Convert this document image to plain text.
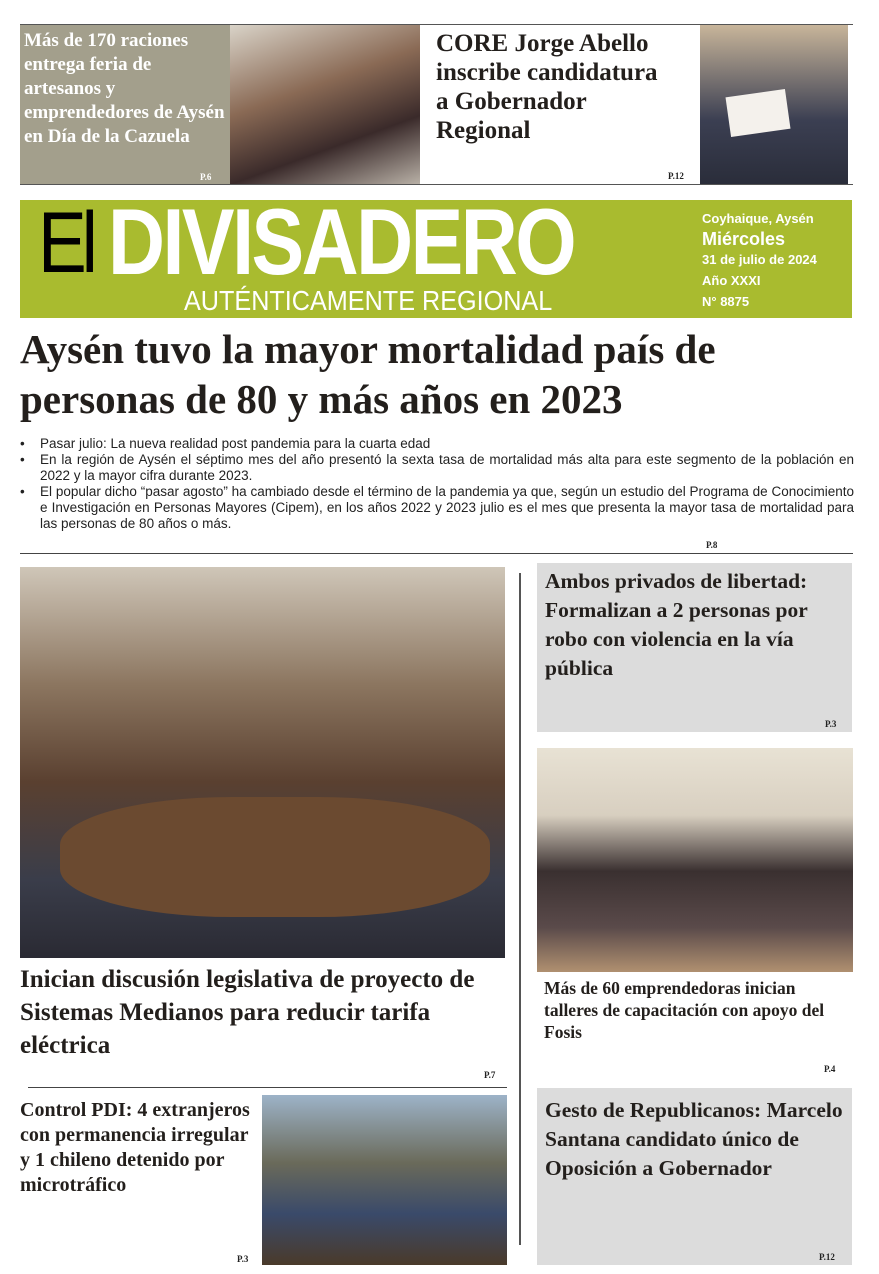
Más de 170 raciones entrega feria de artesanos y emprendedores de Aysén en Día de la Cazuela
P.6
CORE Jorge Abello inscribe candidatura a Gobernador Regional
P.12
El DIVISADERO
AUTÉNTICAMENTE REGIONAL
Coyhaique, Aysén
Miércoles
31 de julio de 2024
Año XXXI
N° 8875
Aysén tuvo la mayor mortalidad país de personas de 80 y más años en 2023
• Pasar julio: La nueva realidad post pandemia para la cuarta edad
• En la región de Aysén el séptimo mes del año presentó la sexta tasa de mortalidad más alta para este segmento de la población en 2022 y la mayor cifra durante 2023.
• El popular dicho “pasar agosto” ha cambiado desde el término de la pandemia ya que, según un estudio del Programa de Conocimiento e Investigación en Personas Mayores (Cipem), en los años 2022 y 2023 julio es el mes que presenta la mayor tasa de mortalidad para las personas de 80 años o más.
P.8
Inician discusión legislativa de proyecto de Sistemas Medianos para reducir tarifa eléctrica
P.7
Control PDI: 4 extranjeros con permanencia irregular y 1 chileno detenido por microtráfico
P.3
Ambos privados de libertad: Formalizan a 2 personas por robo con violencia en la vía pública
P.3
Más de 60 emprendedoras inician talleres de capacitación con apoyo del Fosis
P.4
Gesto de Republicanos: Marcelo Santana candidato único de Oposición a Gobernador
P.12
